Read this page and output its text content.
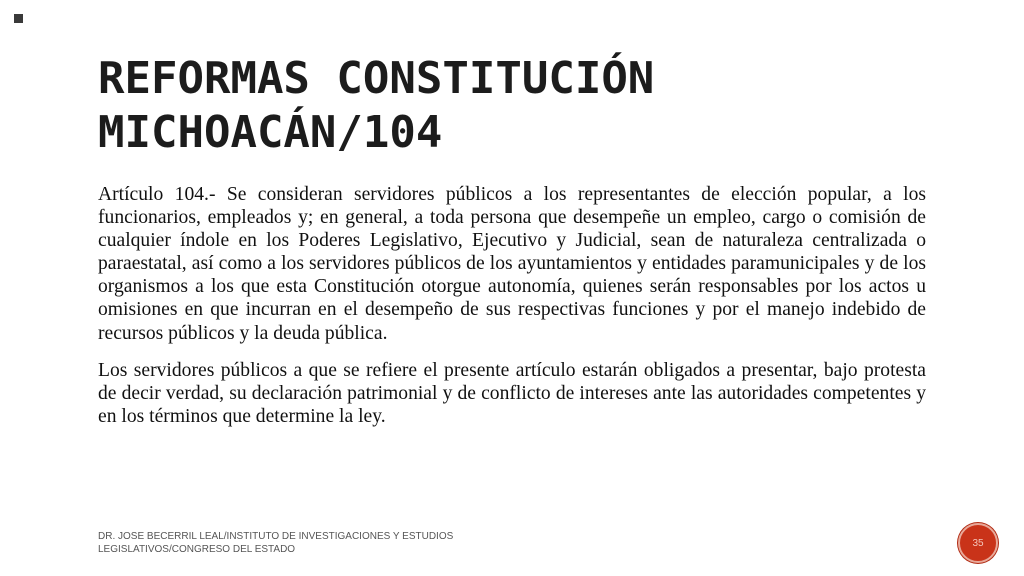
REFORMAS CONSTITUCIÓN
MICHOACÁN/104

Artículo 104.- Se consideran servidores públicos a los representantes de elección popular, a los funcionarios, empleados y; en general, a toda persona que desempeñe un empleo, cargo o comisión de cualquier índole en los Poderes Legislativo, Ejecutivo y Judicial, sean de naturaleza centralizada o paraestatal, así como a los servidores públicos de los ayuntamientos y entidades paramunicipales y de los organismos a los que esta Constitución otorgue autonomía, quienes serán responsables por los actos u omisiones en que incurran en el desempeño de sus respectivas funciones y por el manejo indebido de recursos públicos y la deuda pública.

Los servidores públicos a que se refiere el presente artículo estarán obligados a presentar, bajo protesta de decir verdad, su declaración patrimonial y de conflicto de intereses ante las autoridades competentes y en los términos que determine la ley.

DR. JOSE BECERRIL LEAL/INSTITUTO DE INVESTIGACIONES Y ESTUDIOS LEGISLATIVOS/CONGRESO DEL ESTADO
35
